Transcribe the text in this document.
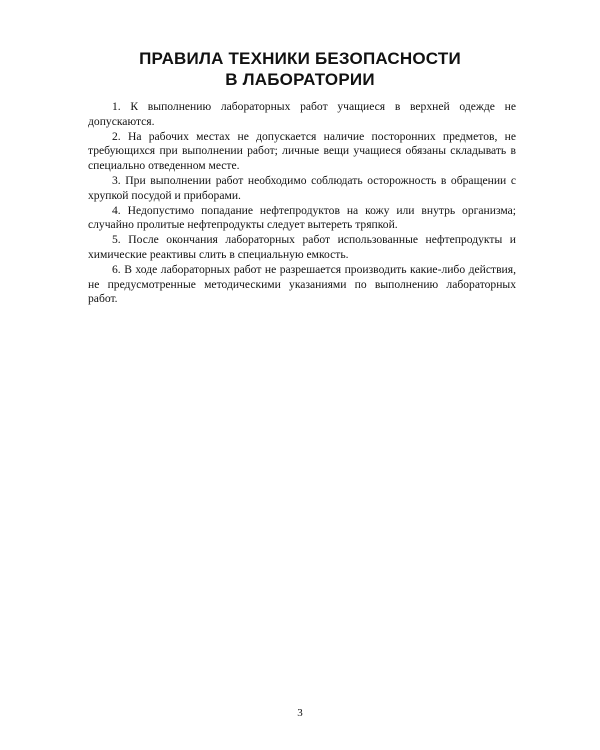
ПРАВИЛА ТЕХНИКИ БЕЗОПАСНОСТИ
В ЛАБОРАТОРИИ

1. К выполнению лабораторных работ учащиеся в верхней одежде не допускаются.

2. На рабочих местах не допускается наличие посторонних предметов, не требующихся при выполнении работ; личные вещи учащиеся обязаны складывать в специально отведенном месте.

3. При выполнении работ необходимо соблюдать осторожность в обращении с хрупкой посудой и приборами.

4. Недопустимо попадание нефтепродуктов на кожу или внутрь организма; случайно пролитые нефтепродукты следует вытереть тряпкой.

5. После окончания лабораторных работ использованные нефтепродукты и химические реактивы слить в специальную емкость.

6. В ходе лабораторных работ не разрешается производить какие-либо действия, не предусмотренные методическими указаниями по выполнению лабораторных работ.

3
